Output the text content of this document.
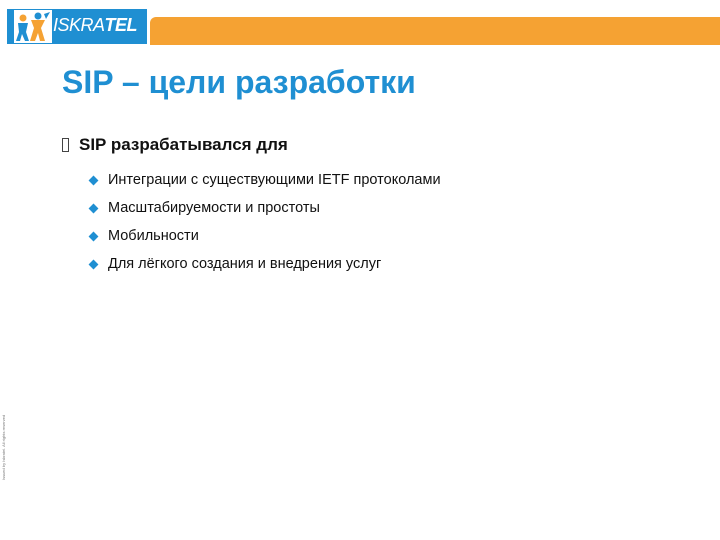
ISKRATEL
SIP – цели разработки
SIP разрабатывался для
Интеграции с существующими IETF протоколами
Масштабируемости и простоты
Мобильности
Для лёгкого создания и внедрения услуг
Issued by Iskratel. All rights reserved
